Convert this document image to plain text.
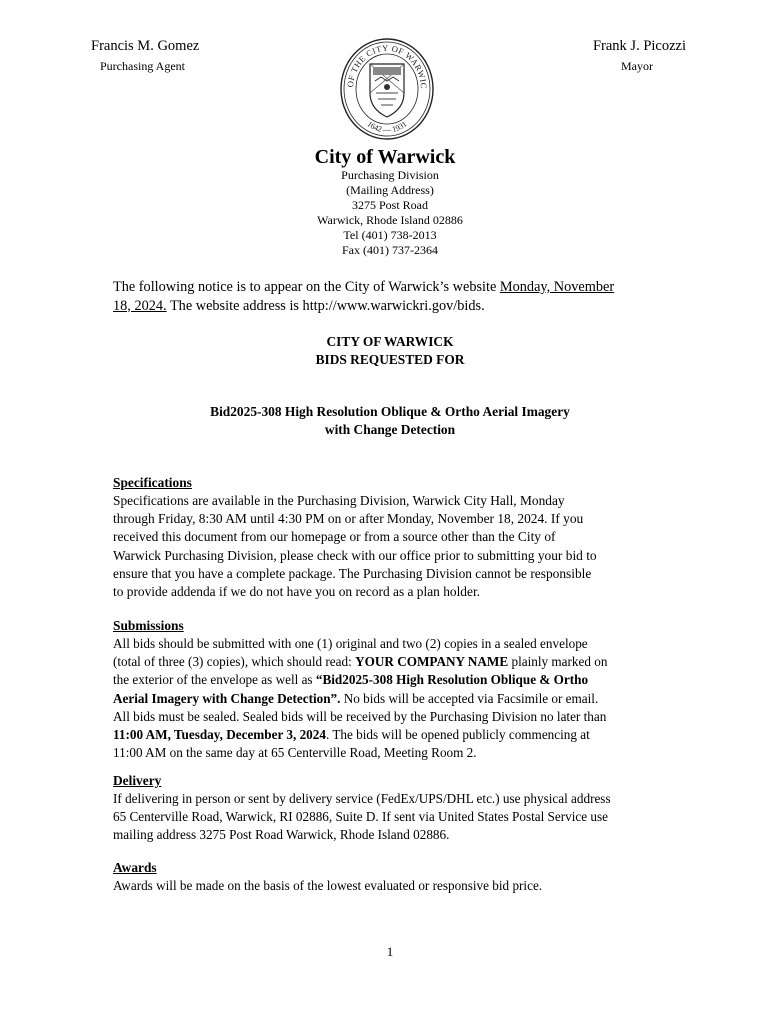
Francis M. Gomez
Purchasing Agent
Frank J. Picozzi
Mayor
OF THE CITY OF WARWIC
1642 — 1931
City of Warwick
Purchasing Division
(Mailing Address)
3275 Post Road
Warwick, Rhode Island 02886
Tel (401) 738-2013
Fax (401) 737-2364
The following notice is to appear on the City of Warwick’s website Monday, November
18, 2024. The website address is http://www.warwickri.gov/bids.
CITY OF WARWICK
BIDS REQUESTED FOR
Bid2025-308 High Resolution Oblique & Ortho Aerial Imagery
with Change Detection
Specifications
Specifications are available in the Purchasing Division, Warwick City Hall, Monday
through Friday, 8:30 AM until 4:30 PM on or after Monday, November 18, 2024. If you
received this document from our homepage or from a source other than the City of
Warwick Purchasing Division, please check with our office prior to submitting your bid to
ensure that you have a complete package. The Purchasing Division cannot be responsible
to provide addenda if we do not have you on record as a plan holder.
Submissions
All bids should be submitted with one (1) original and two (2) copies in a sealed envelope
(total of three (3) copies), which should read: YOUR COMPANY NAME plainly marked on
the exterior of the envelope as well as “Bid2025-308 High Resolution Oblique & Ortho
Aerial Imagery with Change Detection”. No bids will be accepted via Facsimile or email.
All bids must be sealed. Sealed bids will be received by the Purchasing Division no later than
11:00 AM, Tuesday, December 3, 2024. The bids will be opened publicly commencing at
11:00 AM on the same day at 65 Centerville Road, Meeting Room 2.
Delivery
If delivering in person or sent by delivery service (FedEx/UPS/DHL etc.) use physical address
65 Centerville Road, Warwick, RI 02886, Suite D. If sent via United States Postal Service use
mailing address 3275 Post Road Warwick, Rhode Island 02886.
Awards
Awards will be made on the basis of the lowest evaluated or responsive bid price.
1
